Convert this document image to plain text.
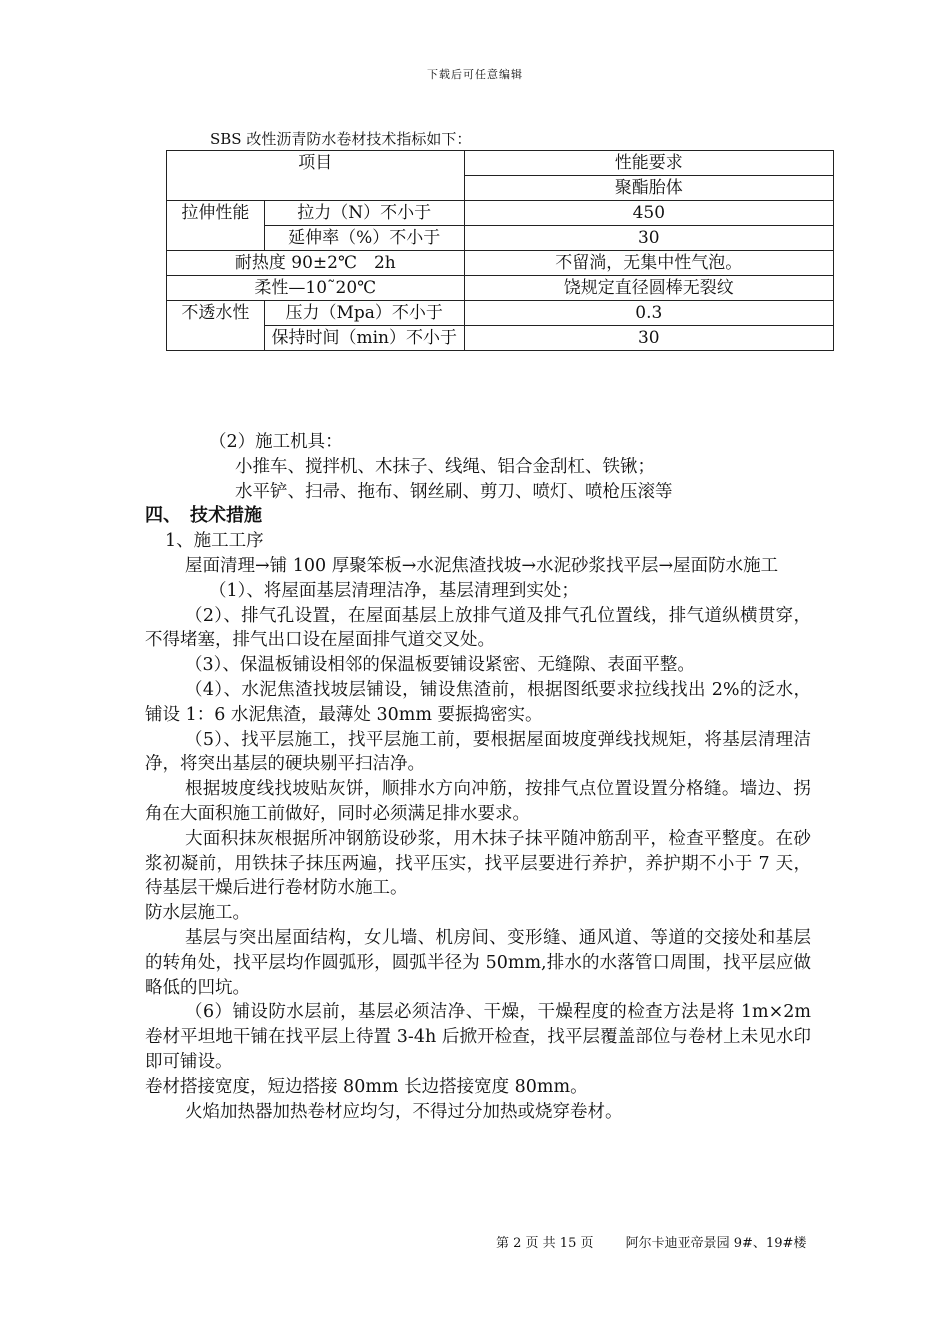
下载后可任意编辑
SBS 改性沥青防水卷材技术指标如下：
项目		性能要求
		聚酯胎体
拉伸性能	拉力（N）不小于	450
	延伸率（%）不小于	30
耐热度 90±2℃　2h		不留淌，无集中性气泡。
柔性—10˜20℃		饶规定直径圆棒无裂纹
不透水性	压力（Mpa）不小于	0.3
	保持时间（min）不小于	30

（2）施工机具：

小推车、搅拌机、木抹子、线绳、铝合金刮杠、铁锹；

水平铲、扫帚、拖布、钢丝刷、剪刀、喷灯、喷枪压滚等

四、　技术措施

1、施工工序

屋面清理→铺 100 厚聚笨板→水泥焦渣找坡→水泥砂浆找平层→屋面防水施工

（1）、将屋面基层清理洁净，基层清理到实处；

（2）、排气孔设置，在屋面基层上放排气道及排气孔位置线，排气道纵横贯穿，不得堵塞，排气出口设在屋面排气道交叉处。

（3）、保温板铺设相邻的保温板要铺设紧密、无缝隙、表面平整。

（4）、水泥焦渣找坡层铺设，铺设焦渣前，根据图纸要求拉线找出 2%的泛水，铺设 1：6 水泥焦渣，最薄处 30mm 要振捣密实。

（5）、找平层施工，找平层施工前，要根据屋面坡度弹线找规矩，将基层清理洁净，将突出基层的硬块剔平扫洁净。

根据坡度线找坡贴灰饼，顺排水方向冲筋，按排气点位置设置分格缝。墙边、拐角在大面积施工前做好，同时必须满足排水要求。

大面积抹灰根据所冲钢筋设砂浆，用木抹子抹平随冲筋刮平，检查平整度。在砂浆初凝前，用铁抹子抹压两遍，找平压实，找平层要进行养护，养护期不小于 7 天，待基层干燥后进行卷材防水施工。

防水层施工。

基层与突出屋面结构，女儿墙、机房间、变形缝、通风道、等道的交接处和基层的转角处，找平层均作圆弧形，圆弧半径为 50mm,排水的水落管口周围，找平层应做略低的凹坑。

（6）铺设防水层前，基层必须洁净、干燥，干燥程度的检查方法是将 1m×2m 卷材平坦地干铺在找平层上待置 3-4h 后掀开检查，找平层覆盖部位与卷材上未见水印即可铺设。

卷材搭接宽度，短边搭接 80mm 长边搭接宽度 80mm。

火焰加热器加热卷材应均匀，不得过分加热或烧穿卷材。

第 2 页 共 15 页 阿尔卡迪亚帝景园 9#、19#楼
